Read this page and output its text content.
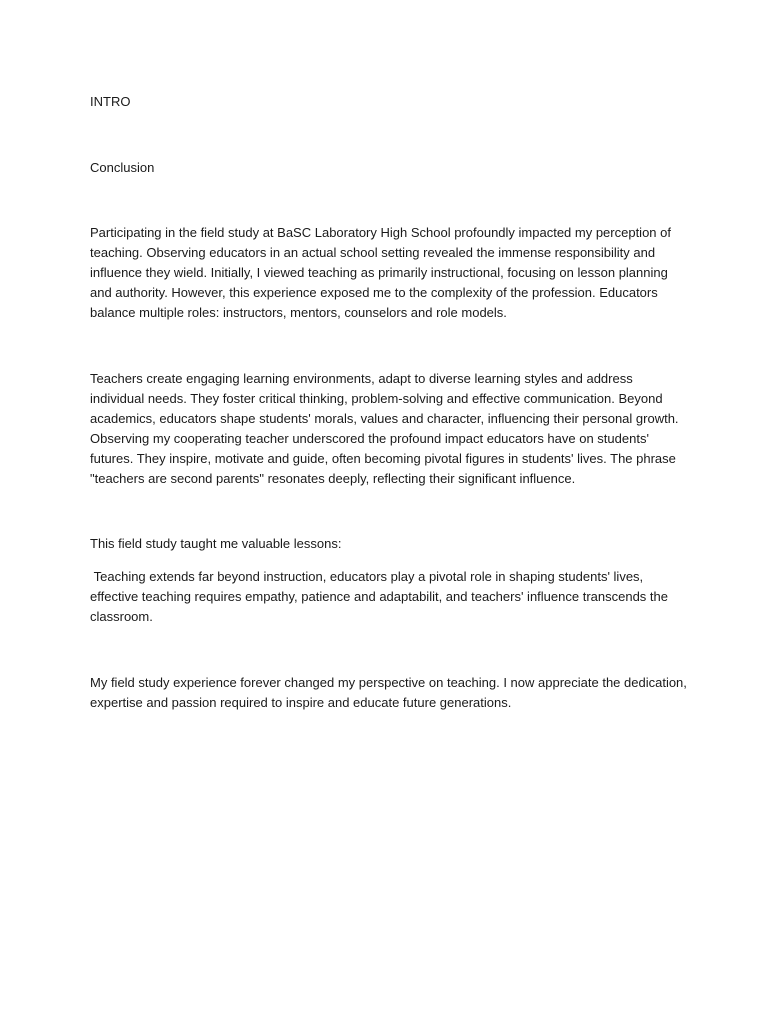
INTRO

Conclusion

Participating in the field study at BaSC Laboratory High School profoundly impacted my perception of teaching. Observing educators in an actual school setting revealed the immense responsibility and influence they wield. Initially, I viewed teaching as primarily instructional, focusing on lesson planning and authority. However, this experience exposed me to the complexity of the profession. Educators balance multiple roles: instructors, mentors, counselors and role models.

Teachers create engaging learning environments, adapt to diverse learning styles and address individual needs. They foster critical thinking, problem-solving and effective communication. Beyond academics, educators shape students' morals, values and character, influencing their personal growth. Observing my cooperating teacher underscored the profound impact educators have on students' futures. They inspire, motivate and guide, often becoming pivotal figures in students' lives. The phrase "teachers are second parents" resonates deeply, reflecting their significant influence.

This field study taught me valuable lessons:

Teaching extends far beyond instruction, educators play a pivotal role in shaping students' lives, effective teaching requires empathy, patience and adaptabilit, and teachers' influence transcends the classroom.

My field study experience forever changed my perspective on teaching. I now appreciate the dedication, expertise and passion required to inspire and educate future generations.
